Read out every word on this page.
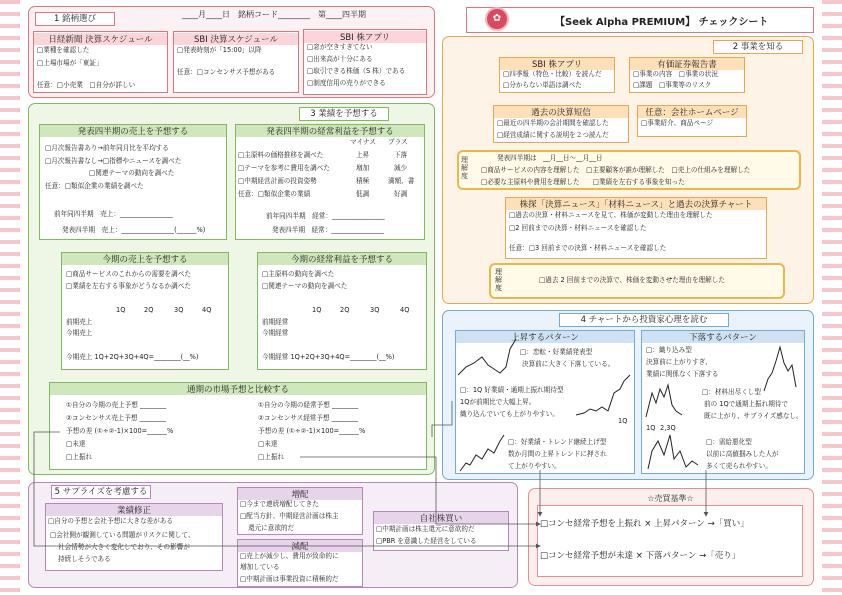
1 銘柄選び
日経新聞 決算スケジュール
□業種を確認した
□上場市場が「東証」
任意：□小売業　□自分が詳しい
SBI 決算スケジュール
□発表時刻が「15:00」以降
任意：□コンセンサス予想がある
SBI 株アプリ
□窓が空きすぎてない
□出来高が十分にある
□取引できる株価（S 株）である
□制度信用の売りができる
____月____日　銘柄コード________　第____四半期	✿	【Seek Alpha PREMIUM】 チェックシート
2 事業を知る
SBI 株アプリ
□四季報（特色・比較）を読んだ
□分からない単語は調べた
有価証券報告書
□事業の内容　□事業の状況
□課題　□事業等のリスク
過去の決算短信
□最近の四半期の会計期間を確認した
□経営成績に関する説明を２つ読んだ
任意：会社ホームページ
□事業紹介、商品ページ
理解度
発表四半期は　__月__日〜__月__日
□商品サービスの内容を理解した　□主要顧客が誰か理解した　□売上の仕組みを理解した
□必要な主原料や費用を理解した　　□業績を左右する事象を知った
株探「決算ニュース」「材料ニュース」と過去の決算チャート
□過去の決算・材料ニュースを見て、株価が変動した理由を理解した
□2 回前までの決算・材料ニュースを確認した
任意：□3 回前までの決算・材料ニュースを確認した
理解度
□過去 2 回前までの決算で、株価を変動させた理由を理解した
3 業績を予想する
発表四半期の売上を予想する
□月次報告書あり→前年同月比を平均する
□月次報告書なし→□指標やニュースを調べた
□関連テーマの動向を調べた
任意：□類似企業の業績を調べた
前年同四半期　売上：________________
発表四半期　売上：________________(______%)
発表四半期の経常利益を予想する
マイナス プラス
□主原料の価格推移を調べた	上昇	下落
□テーマを参考に費用を調べた	増加	減少
□中期経営計画の投資姿勢	積極	満額、書
任意：□類似企業の業績	低調	好調
前年同四半期　経常：________________
発表四半期　経常：________________
今期の売上を予想する
□商品サービスのこれからの需要を調べた
□業績を左右する事象がどうなるか調べた
1Q	2Q	3Q	4Q
前期売上
今期売上
今期売上 1Q+2Q+3Q+4Q=________(__%)
今期の経常利益を予想する
□主原料の動向を調べた
□関連テーマの動向を調べた
1Q	2Q	3Q	4Q
前期経常
今期経常
今期経常 1Q+2Q+3Q+4Q=________(__%)
通期の市場予想と比較する
①自分の今期の売上予想 ________
②コンセンサス売上予想 ________
予想の差 (①÷②-1)×100=______%
□未達
□上振れ
①自分の今期の経常予想 ________
②コンセンサス経常予想 ________
予想の差 (①÷②-1)×100=______%
□未達
□上振れ
4 チャートから投資家心理を読む
上昇するパターン
□：恋転・好業績発表型
決算前に大きく下落している。
□：1Q 好業績・通期上振れ期待型
1Qが前期比で大幅上昇。
織り込んでいても上がりやすい。
1Q
□：好業績・トレンド継続上げ型
数か月間の上昇トレンドに押され
て上がりやすい。
下落するパターン
□：織り込み型
決算前に上がりすぎ、
業績に関係なく下落する
□：材料出尽くし型
前の 1Qで通期上振れ期待で
既に上がり、サプライズ感なし。
1Q 2,3Q
□：需給悪化型
以前に高値掴みした人が
多くて売られやすい。
5 サプライズを考慮する
業績修正
□自分の予想と会社予想に大きな差がある
□会社側が観測している問題がリスクに関して、
社会情勢が大きく変化しており、その影響が
持続しそうである
増配
□今まで連続増配してきた
□配当方針、中期経営計画は株主
還元に意欲的だ
減配
□売上が減少し、費用が致命的に
増加している
□中期計画は事業投資に積極的だ
自社株買い
□中期計画は株主還元に意欲的だ
□PBR を意識した経営をしている
☆売買基準☆
□コンセ経常予想を上振れ × 上昇パターン →「買い」
□コンセ経常予想が未達 × 下落パターン →「売り」
